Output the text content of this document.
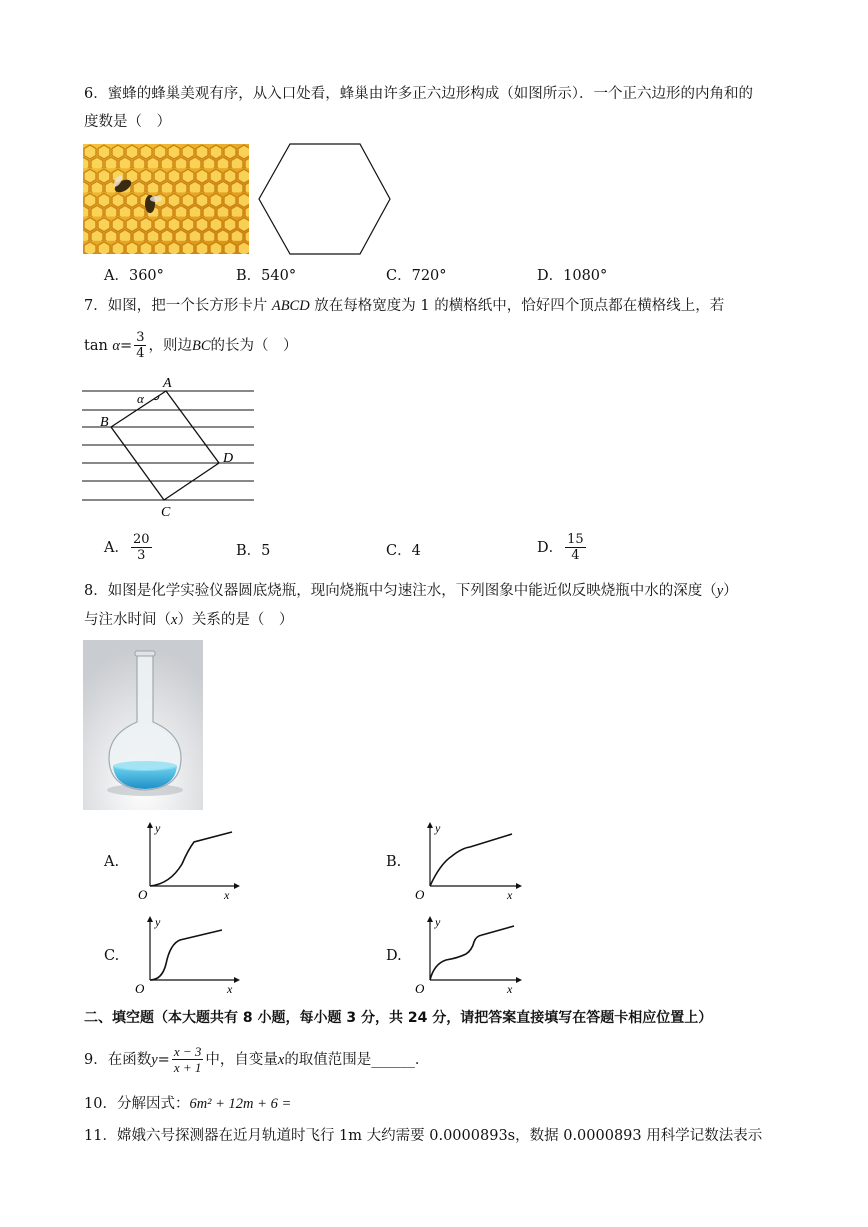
6．蜜蜂的蜂巢美观有序，从入口处看，蜂巢由许多正六边形构成（如图所示）．一个正六边形的内角和的
度数是（　）
A．360°	B．540°	C．720°	D．1080°
7．如图，把一个长方形卡片 ABCD 放在每格宽度为 1 的横格纸中，恰好四个顶点都在横格线上，若
tan
$\alpha = \frac{3}{4}$ ，则边 BC 的长为（　）
A
B
C
D
α
A． $\frac{20}{3}$	B．5	C．4	D． $\frac{15}{4}$
8．如图是化学实验仪器圆底烧瓶，现向烧瓶中匀速注水，下列图象中能近似反映烧瓶中水的深度（y）
与注水时间（x）关系的是（　）
A.
y
x
O
B.
y
x
O
C.
y
x
O
D.
y
x
O
二、填空题（本大题共有 8 小题，每小题 3 分，共 24 分，请把答案直接填写在答题卡相应位置上）
9．在函数 $y = \frac{x - 3}{x + 1}$ 中，自变量 x 的取值范围是 ______ ．
10．分解因式：6m² + 12m + 6 =
11．嫦娥六号探测器在近月轨道时飞行 1m 大约需要 0.0000893s，数据 0.0000893 用科学记数法表示
